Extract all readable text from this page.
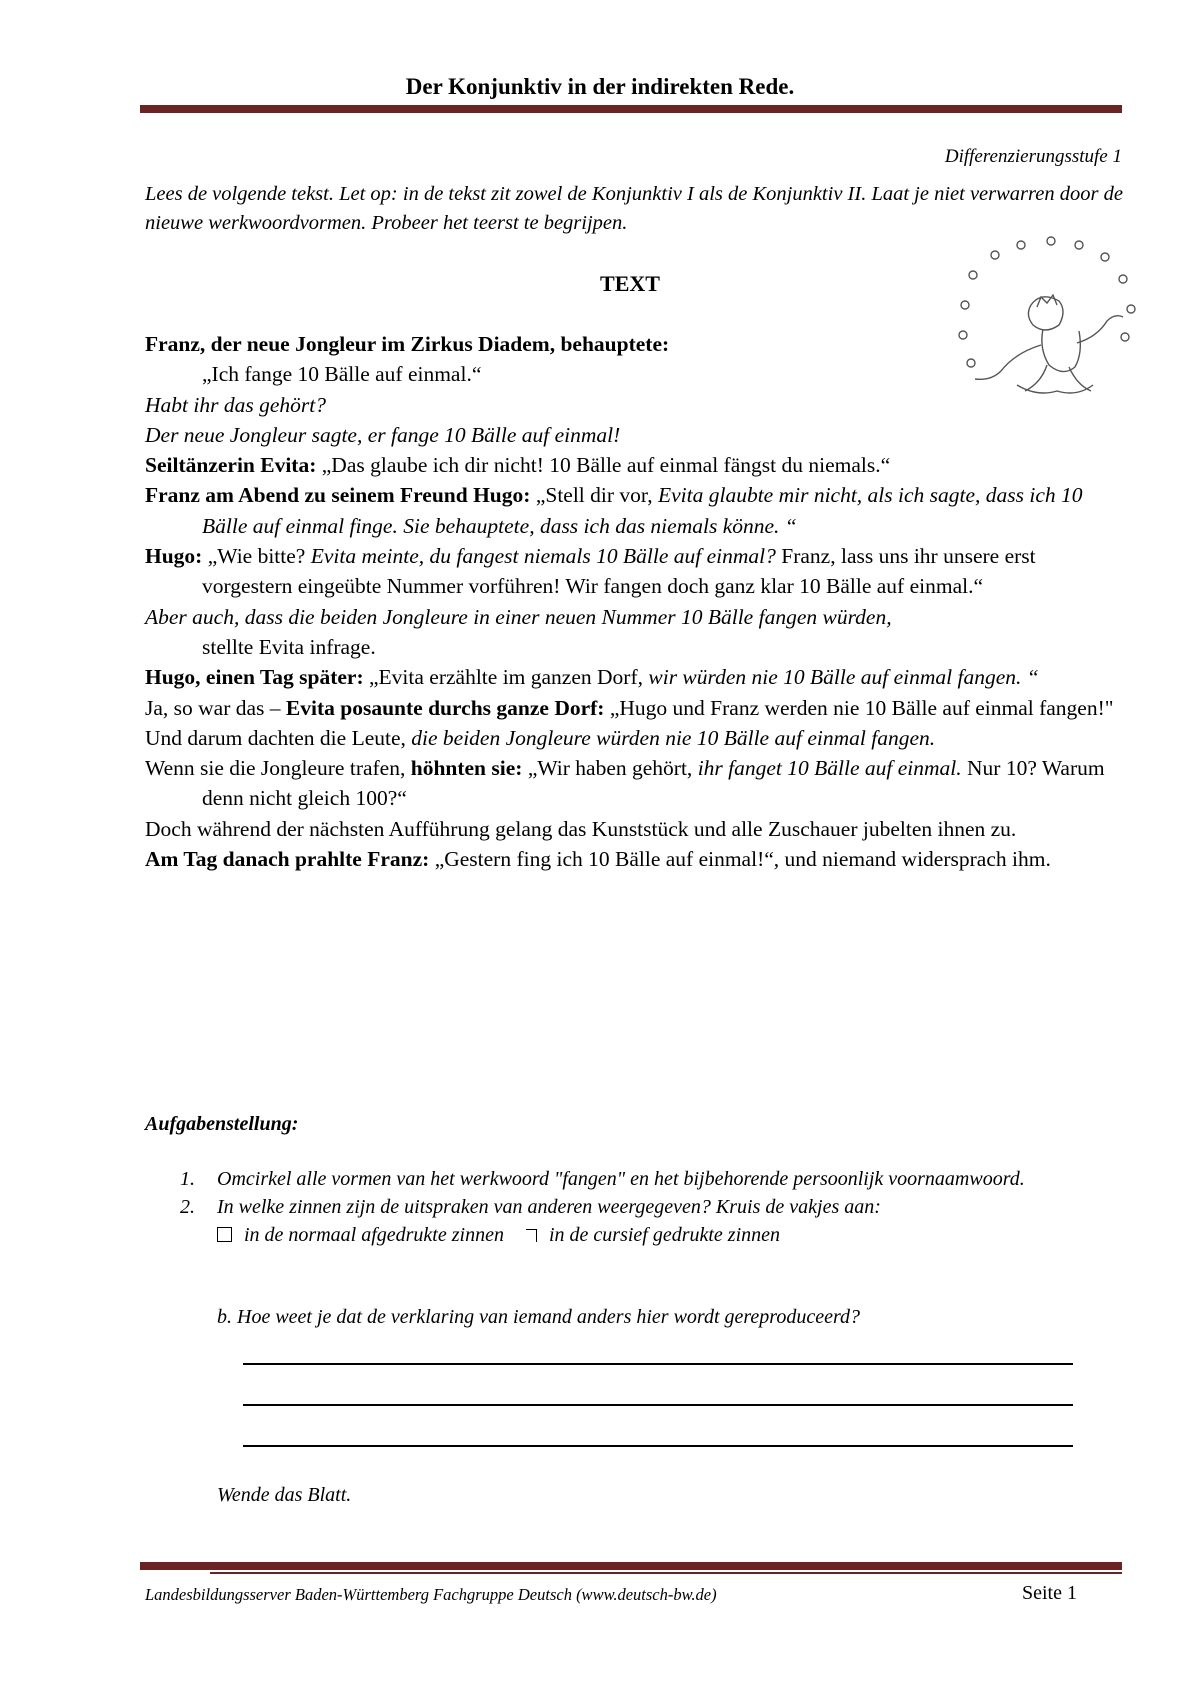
Der Konjunktiv in der indirekten Rede.
Differenzierungsstufe 1
Lees de volgende tekst. Let op: in de tekst zit zowel de Konjunktiv I als de Konjunktiv II. Laat je niet verwarren door de nieuwe werkwoordvormen. Probeer het teerst te begrijpen.
TEXT

Franz, der neue Jongleur im Zirkus Diadem, behauptete:

„Ich fange 10 Bälle auf einmal.“

Habt ihr das gehört?

Der neue Jongleur sagte, er fange 10 Bälle auf einmal!

Seiltänzerin Evita: „Das glaube ich dir nicht! 10 Bälle auf einmal fängst du niemals.“

Franz am Abend zu seinem Freund Hugo: „Stell dir vor, Evita glaubte mir nicht, als ich sagte, dass ich 10 Bälle auf einmal finge. Sie behauptete, dass ich das niemals könne. “

Hugo: „Wie bitte? Evita meinte, du fangest niemals 10 Bälle auf einmal? Franz, lass uns ihr unsere erst vorgestern eingeübte Nummer vorführen! Wir fangen doch ganz klar 10 Bälle auf einmal.“

Aber auch, dass die beiden Jongleure in einer neuen Nummer 10 Bälle fangen würden,

stellte Evita infrage.

Hugo, einen Tag später: „Evita erzählte im ganzen Dorf, wir würden nie 10 Bälle auf einmal fangen. “

Ja, so war das – Evita posaunte durchs ganze Dorf: „Hugo und Franz werden nie 10 Bälle auf einmal fangen!"

Und darum dachten die Leute, die beiden Jongleure würden nie 10 Bälle auf einmal fangen.

Wenn sie die Jongleure trafen, höhnten sie: „Wir haben gehört, ihr fanget 10 Bälle auf einmal. Nur 10? Warum denn nicht gleich 100?“

Doch während der nächsten Aufführung gelang das Kunststück und alle Zuschauer jubelten ihnen zu.

Am Tag danach prahlte Franz: „Gestern fing ich 10 Bälle auf einmal!“, und niemand widersprach ihm.

Aufgabenstellung:
1. Omcirkel alle vormen van het werkwoord "fangen" en het bijbehorende persoonlijk voornaamwoord.
2. In welke zinnen zijn de uitspraken van anderen weergegeven? Kruis de vakjes aan:
in de normaal afgedrukte zinnen in de cursief gedrukte zinnen
b. Hoe weet je dat de verklaring van iemand anders hier wordt gereproduceerd?
Wende das Blatt.
Landesbildungsserver Baden-Württemberg Fachgruppe Deutsch (www.deutsch-bw.de)	Seite 1
